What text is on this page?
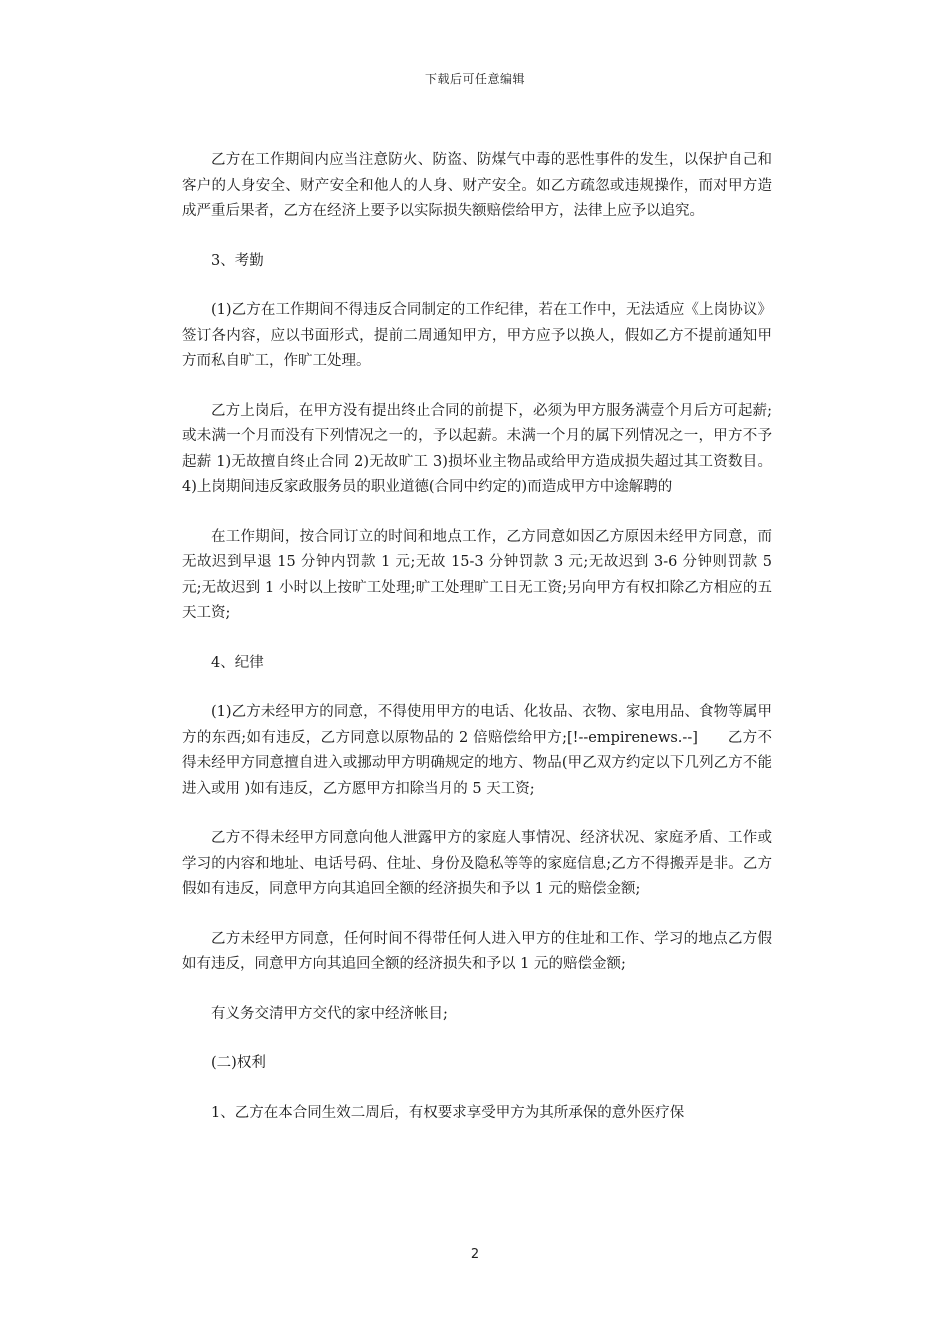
下载后可任意编辑

乙方在工作期间内应当注意防火、防盗、防煤气中毒的恶性事件的发生，以保护自己和客户的人身安全、财产安全和他人的人身、财产安全。如乙方疏忽或违规操作，而对甲方造成严重后果者，乙方在经济上要予以实际损失额赔偿给甲方，法律上应予以追究。

3、考勤

(1)乙方在工作期间不得违反合同制定的工作纪律，若在工作中，无法适应《上岗协议》签订各内容，应以书面形式，提前二周通知甲方，甲方应予以换人，假如乙方不提前通知甲方而私自旷工，作旷工处理。

乙方上岗后，在甲方没有提出终止合同的前提下，必须为甲方服务满壹个月后方可起薪;或未满一个月而没有下列情况之一的，予以起薪。未满一个月的属下列情况之一，甲方不予起薪 1)无故擅自终止合同 2)无故旷工 3)损坏业主物品或给甲方造成损失超过其工资数目。4)上岗期间违反家政服务员的职业道德(合同中约定的)而造成甲方中途解聘的

在工作期间，按合同订立的时间和地点工作，乙方同意如因乙方原因未经甲方同意，而无故迟到早退 15 分钟内罚款 1 元;无故 15-3 分钟罚款 3 元;无故迟到 3-6 分钟则罚款 5 元;无故迟到 1 小时以上按旷工处理;旷工处理旷工日无工资;另向甲方有权扣除乙方相应的五天工资;

4、纪律

(1)乙方未经甲方的同意，不得使用甲方的电话、化妆品、衣物、家电用品、食物等属甲方的东西;如有违反，乙方同意以原物品的 2 倍赔偿给甲方;[!--empirenews.--]　　乙方不得未经甲方同意擅自进入或挪动甲方明确规定的地方、物品(甲乙双方约定以下几列乙方不能进入或用 )如有违反，乙方愿甲方扣除当月的 5 天工资;

乙方不得未经甲方同意向他人泄露甲方的家庭人事情况、经济状况、家庭矛盾、工作或学习的内容和地址、电话号码、住址、身份及隐私等等的家庭信息;乙方不得搬弄是非。乙方假如有违反，同意甲方向其追回全额的经济损失和予以 1 元的赔偿金额;

乙方未经甲方同意，任何时间不得带任何人进入甲方的住址和工作、学习的地点乙方假如有违反，同意甲方向其追回全额的经济损失和予以 1 元的赔偿金额;

有义务交清甲方交代的家中经济帐目;

(二)权利

1、乙方在本合同生效二周后，有权要求享受甲方为其所承保的意外医疗保

2
